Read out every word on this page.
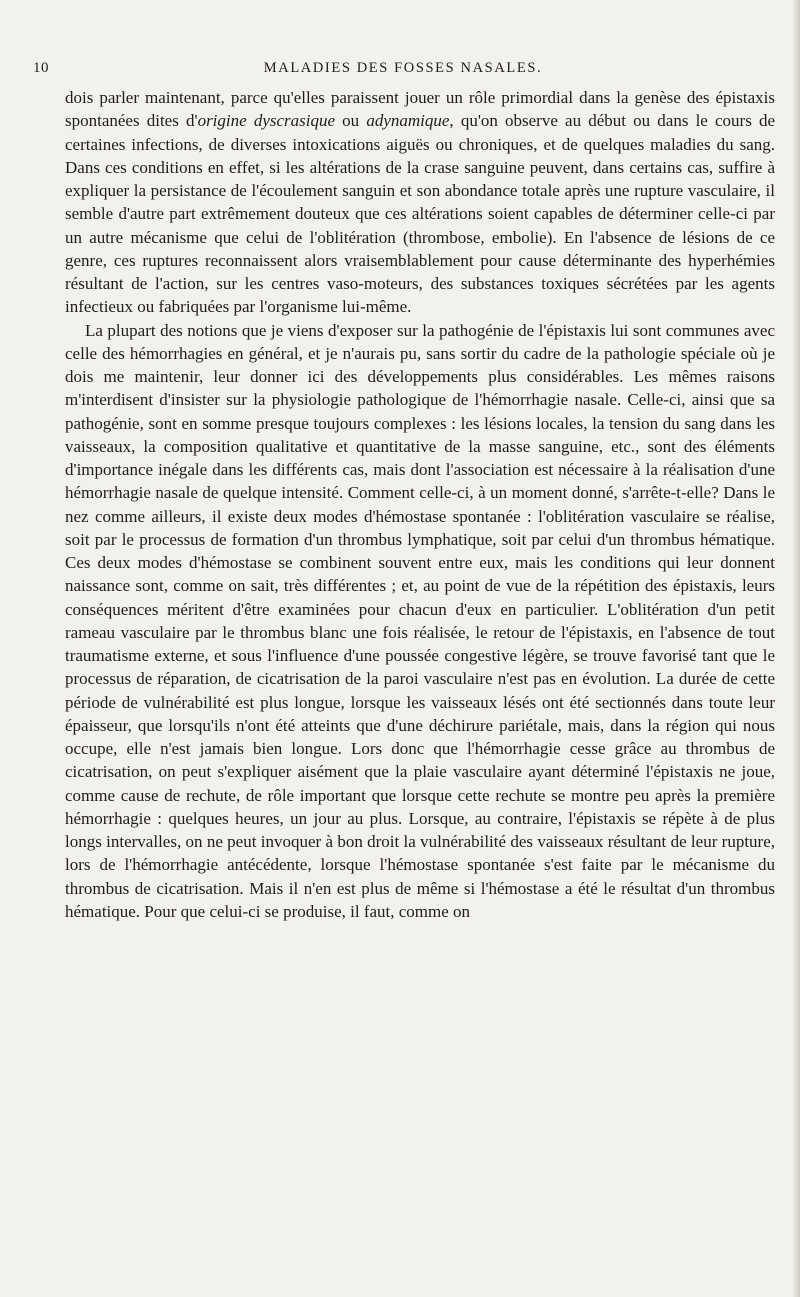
10	MALADIES DES FOSSES NASALES.

dois parler maintenant, parce qu'elles paraissent jouer un rôle primordial dans la genèse des épistaxis spontanées dites d'origine dyscrasique ou adynamique, qu'on observe au début ou dans le cours de certaines infections, de diverses intoxications aiguës ou chroniques, et de quelques maladies du sang. Dans ces conditions en effet, si les altérations de la crase sanguine peuvent, dans certains cas, suffire à expliquer la persistance de l'écoulement sanguin et son abondance totale après une rupture vasculaire, il semble d'autre part extrêmement douteux que ces altérations soient capables de déterminer celle-ci par un autre mécanisme que celui de l'oblitération (thrombose, embolie). En l'absence de lésions de ce genre, ces ruptures reconnaissent alors vraisemblablement pour cause déterminante des hyperhémies résultant de l'action, sur les centres vaso-moteurs, des substances toxiques sécrétées par les agents infectieux ou fabriquées par l'organisme lui-même.

La plupart des notions que je viens d'exposer sur la pathogénie de l'épistaxis lui sont communes avec celle des hémorrhagies en général, et je n'aurais pu, sans sortir du cadre de la pathologie spéciale où je dois me maintenir, leur donner ici des développements plus considérables. Les mêmes raisons m'interdisent d'insister sur la physiologie pathologique de l'hémorrhagie nasale. Celle-ci, ainsi que sa pathogénie, sont en somme presque toujours complexes : les lésions locales, la tension du sang dans les vaisseaux, la composition qualitative et quantitative de la masse sanguine, etc., sont des éléments d'importance inégale dans les différents cas, mais dont l'association est nécessaire à la réalisation d'une hémorrhagie nasale de quelque intensité. Comment celle-ci, à un moment donné, s'arrête-t-elle? Dans le nez comme ailleurs, il existe deux modes d'hémostase spontanée : l'oblitération vasculaire se réalise, soit par le processus de formation d'un thrombus lymphatique, soit par celui d'un thrombus hématique. Ces deux modes d'hémostase se combinent souvent entre eux, mais les conditions qui leur donnent naissance sont, comme on sait, très différentes ; et, au point de vue de la répétition des épistaxis, leurs conséquences méritent d'être examinées pour chacun d'eux en particulier. L'oblitération d'un petit rameau vasculaire par le thrombus blanc une fois réalisée, le retour de l'épistaxis, en l'absence de tout traumatisme externe, et sous l'influence d'une poussée congestive légère, se trouve favorisé tant que le processus de réparation, de cicatrisation de la paroi vasculaire n'est pas en évolution. La durée de cette période de vulnérabilité est plus longue, lorsque les vaisseaux lésés ont été sectionnés dans toute leur épaisseur, que lorsqu'ils n'ont été atteints que d'une déchirure pariétale, mais, dans la région qui nous occupe, elle n'est jamais bien longue. Lors donc que l'hémorrhagie cesse grâce au thrombus de cicatrisation, on peut s'expliquer aisément que la plaie vasculaire ayant déterminé l'épistaxis ne joue, comme cause de rechute, de rôle important que lorsque cette rechute se montre peu après la première hémorrhagie : quelques heures, un jour au plus. Lorsque, au contraire, l'épistaxis se répète à de plus longs intervalles, on ne peut invoquer à bon droit la vulnérabilité des vaisseaux résultant de leur rupture, lors de l'hémorrhagie antécédente, lorsque l'hémostase spontanée s'est faite par le mécanisme du thrombus de cicatrisation. Mais il n'en est plus de même si l'hémostase a été le résultat d'un thrombus hématique. Pour que celui-ci se produise, il faut, comme on
